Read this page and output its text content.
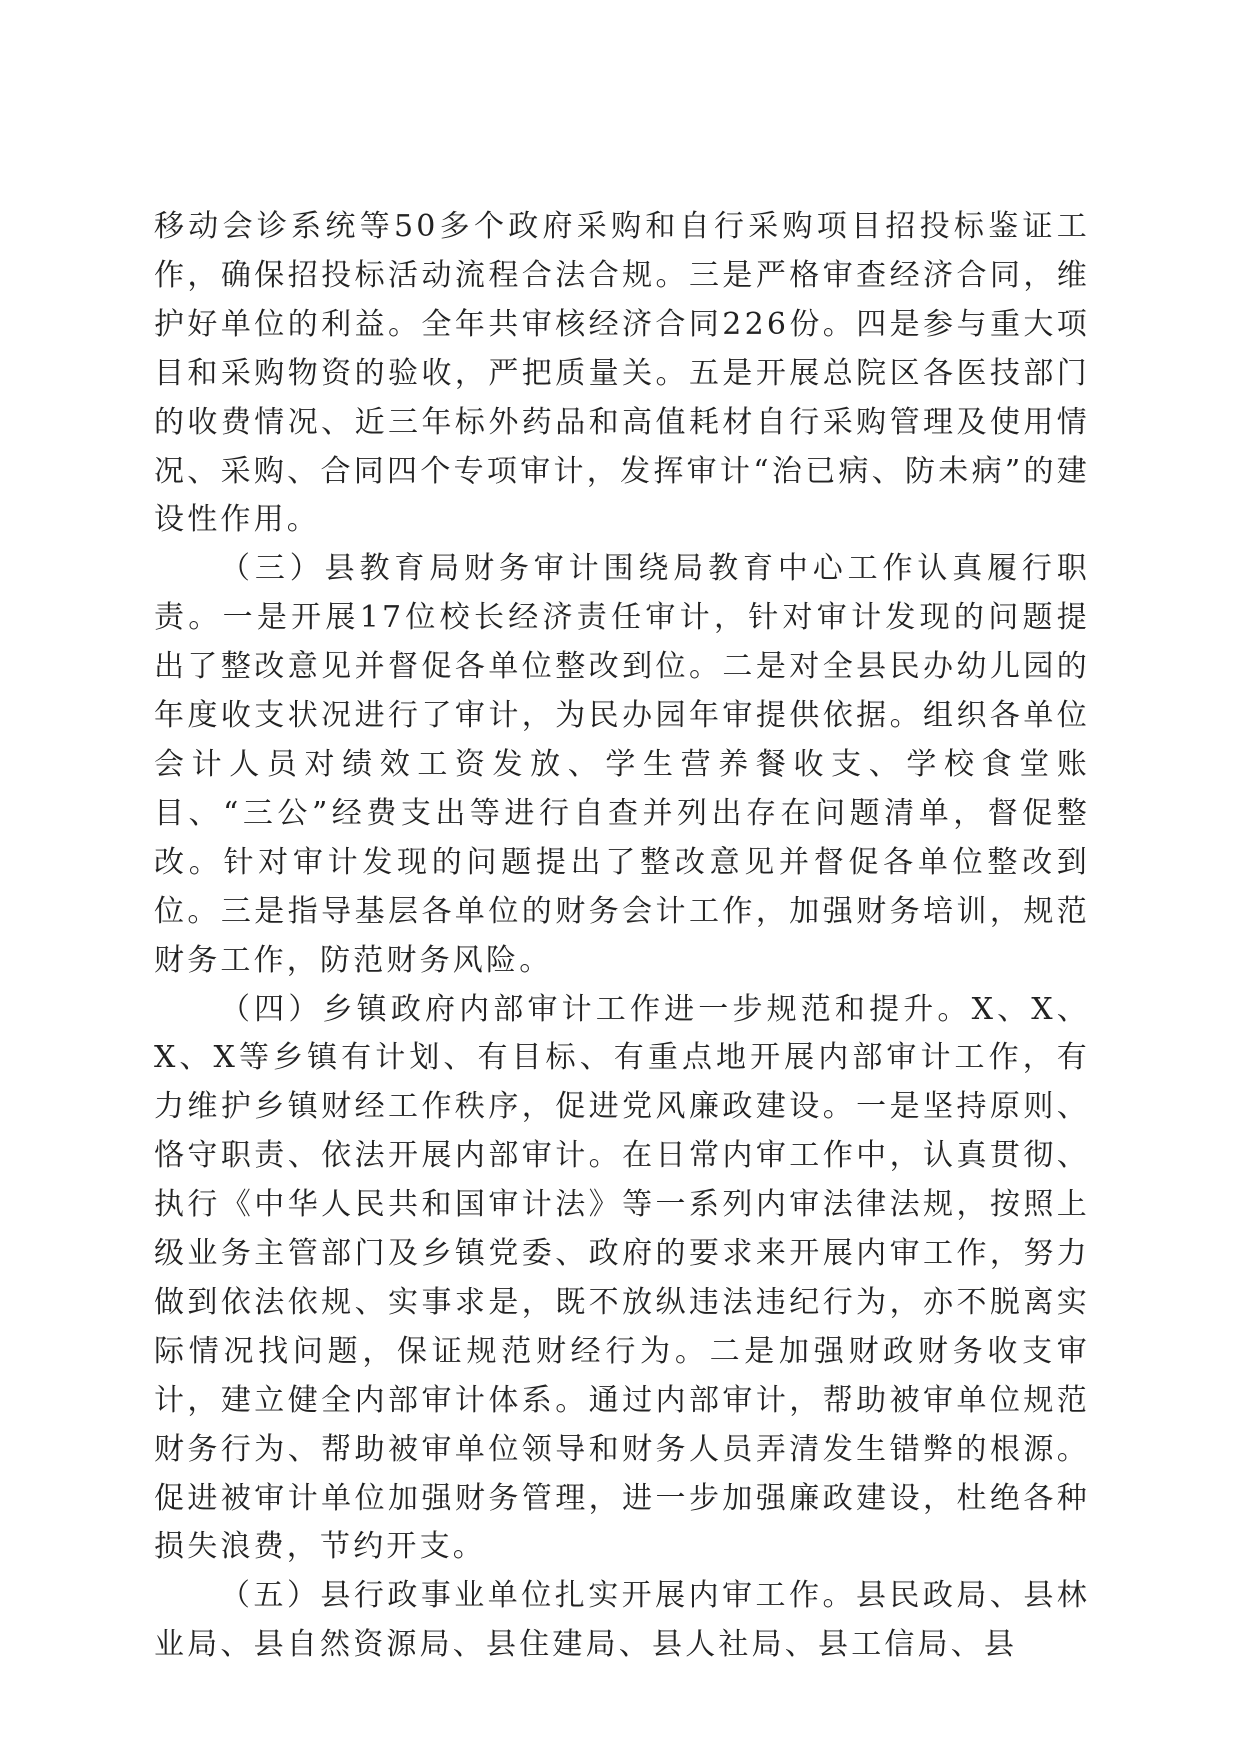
移动会诊系统等50多个政府采购和自行采购项目招投标鉴证工作，确保招投标活动流程合法合规。三是严格审查经济合同，维护好单位的利益。全年共审核经济合同226份。四是参与重大项目和采购物资的验收，严把质量关。五是开展总院区各医技部门的收费情况、近三年标外药品和高值耗材自行采购管理及使用情况、采购、合同四个专项审计，发挥审计“治已病、防未病”的建设性作用。

（三）县教育局财务审计围绕局教育中心工作认真履行职责。一是开展17位校长经济责任审计，针对审计发现的问题提出了整改意见并督促各单位整改到位。二是对全县民办幼儿园的年度收支状况进行了审计，为民办园年审提供依据。组织各单位会计人员对绩效工资发放、学生营养餐收支、学校食堂账目、“三公”经费支出等进行自查并列出存在问题清单，督促整改。针对审计发现的问题提出了整改意见并督促各单位整改到位。三是指导基层各单位的财务会计工作，加强财务培训，规范财务工作，防范财务风险。

（四）乡镇政府内部审计工作进一步规范和提升。X、X、X、X等乡镇有计划、有目标、有重点地开展内部审计工作，有力维护乡镇财经工作秩序，促进党风廉政建设。一是坚持原则、恪守职责、依法开展内部审计。在日常内审工作中，认真贯彻、执行《中华人民共和国审计法》等一系列内审法律法规，按照上级业务主管部门及乡镇党委、政府的要求来开展内审工作，努力做到依法依规、实事求是，既不放纵违法违纪行为，亦不脱离实际情况找问题，保证规范财经行为。二是加强财政财务收支审计，建立健全内部审计体系。通过内部审计，帮助被审单位规范财务行为、帮助被审单位领导和财务人员弄清发生错弊的根源。促进被审计单位加强财务管理，进一步加强廉政建设，杜绝各种损失浪费，节约开支。

（五）县行政事业单位扎实开展内审工作。县民政局、县林业局、县自然资源局、县住建局、县人社局、县工信局、县
